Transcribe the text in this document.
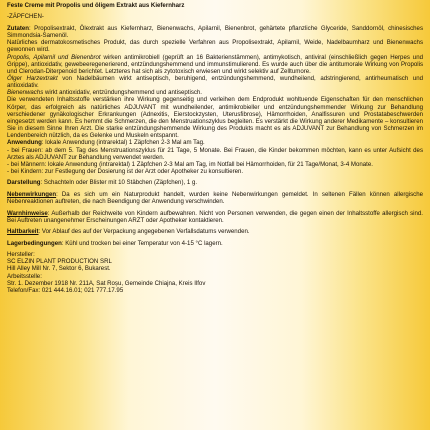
Feste Creme mit Propolis und öligem Extrakt aus Kiefernharz

-ZÄPFCHEN-

Zutaten: Propolisextrakt, Ölextrakt aus Kiefernharz, Bienenwachs, Apilarnil, Bienenbrot, gehärtete pflanzliche Glyceride, Sanddornöl, chinesisches Simmondsia-Samenöl.

Natürliches dermatokosmetisches Produkt, das durch spezielle Verfahren aus Propolisextrakt, Apilarnil, Weide, Nadelbaumharz und Bienenwachs gewonnen wird.

Propolis, Apilarnil und Bienenbrot wirken antimikrobiell (geprüft an 16 Bakterienstämmen), antimykotisch, antiviral (einschließlich gegen Herpes und Grippe), antioxidativ, gewebeeregenerierend, entzündungshemmend und immunstimulierend. Es wurde auch über die antitumorale Wirkung von Propolis und Clerodan-Diterpenoid berichtet. Letzteres hat sich als zytotoxisch erwiesen und wirkt selektiv auf Zelltumore.

Ölger Harzextrakt von Nadelbäumen wirkt antiseptisch, beruhigend, entzündungshemmend, wundheilend, adstringierend, antirheumatisch und antioxidativ.

Bienenwachs wirkt antioxidativ, entzündungshemmend und antiseptisch.

Die verwendeten Inhaltsstoffe verstärken ihre Wirkung gegenseitig und verleihen dem Endprodukt wohltuende Eigenschaften für den menschlichen Körper, das erfolgreich als natürliches ADJUVANT mit wundheilender, antimikrobieller und entzündungshemmender Wirkung zur Behandlung verschiedener gynäkologischer Erkrankungen (Adnexitis, Eierstockzysten, Uterusfibrose), Hämorrhoiden, Analfissuren und Prostatabeschwerden eingesetzt werden kann. Es hemmt die Schmerzen, die den Menstruationszyklus begleiten. Es verstärkt die Wirkung anderer Medikamente – konsultieren Sie in diesem Sinne Ihren Arzt. Die starke entzündungshemmende Wirkung des Produkts macht es als ADJUVANT zur Behandlung von Schmerzen im Lendenbereich nützlich, da es Gelenke und Muskeln entspannt.

Anwendung: lokale Anwendung (intrarektal) 1 Zäpfchen 2-3 Mal am Tag.

- bei Frauen: ab dem 5. Tag des Menstruationszyklus für 21 Tage, 5 Monate. Bei Frauen, die Kinder bekommen möchten, kann es unter Aufsicht des Arztes als ADJUVANT zur Behandlung verwendet werden.

- bei Männern: lokale Anwendung (intrarektal) 1 Zäpfchen 2-3 Mal am Tag, im Notfall bei Hämorrhoiden, für 21 Tage/Monat, 3-4 Monate.

- bei Kindern: zur Festlegung der Dosierung ist der Arzt oder Apotheker zu konsultieren.

Darstellung: Schachteln oder Blister mit 10 Stäbchen (Zäpfchen), 1 g.

Nebenwirkungen: Da es sich um ein Naturprodukt handelt, wurden keine Nebenwirkungen gemeldet. In seltenen Fällen können allergische Nebenreaktionen auftreten, die nach Beendigung der Anwendung verschwinden.

Warnhinweise: Außerhalb der Reichweite von Kindern aufbewahren. Nicht von Personen verwenden, die gegen einen der Inhaltsstoffe allergisch sind. Bei Auftreten unangenehmer Erscheinungen ARZT oder Apotheker kontaktieren.

Haltbarkeit: Vor Ablauf des auf der Verpackung angegebenen Verfallsdatums verwenden.

Lagerbedingungen: Kühl und trocken bei einer Temperatur von 4-15 °C lagern.

Hersteller:

SC ELZIN PLANT PRODUCTION SRL

Hill Alley Mill Nr. 7, Sektor 6, Bukarest.

Arbeitsstelle:

Str. 1. Dezember 1918 Nr. 211A, Sat Roșu, Gemeinde Chiajna, Kreis Ilfov

Telefon/Fax: 021 444.16.01; 021 777.17.95
